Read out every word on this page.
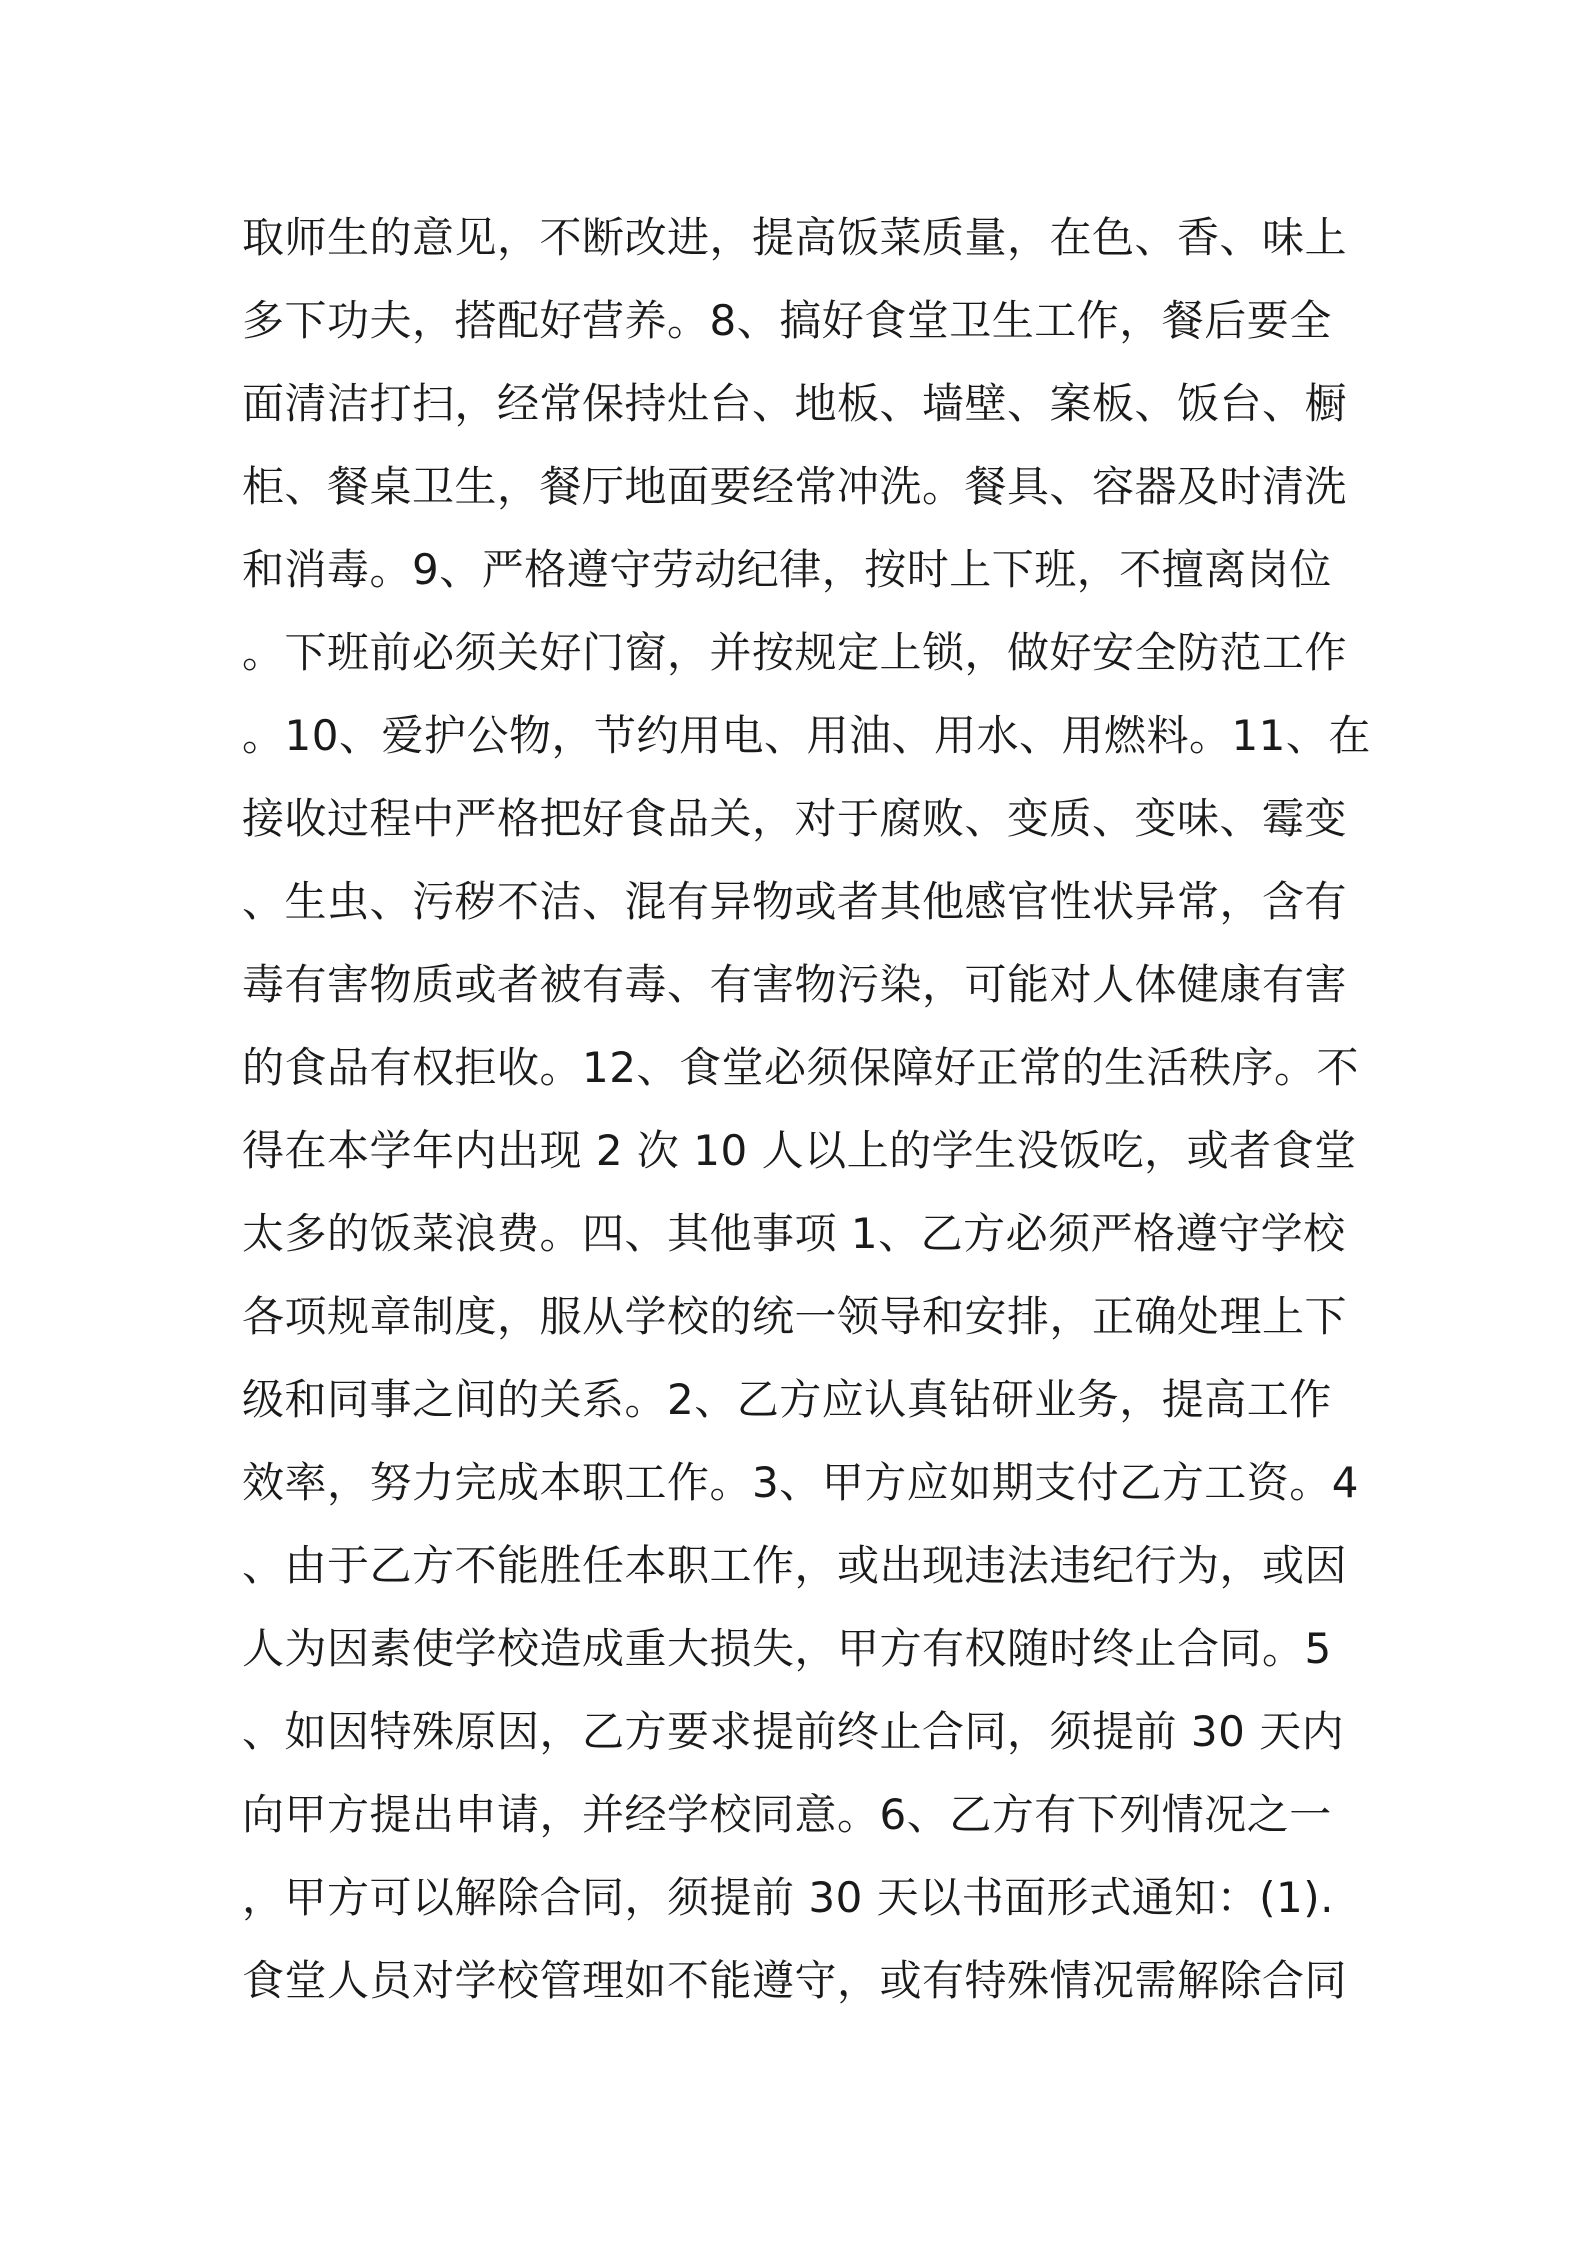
取师生的意见，不断改进，提高饭菜质量，在色、香、味上
多下功夫，搭配好营养。8、搞好食堂卫生工作，餐后要全
面清洁打扫，经常保持灶台、地板、墙壁、案板、饭台、橱
柜、餐桌卫生，餐厅地面要经常冲洗。餐具、容器及时清洗
和消毒。9、严格遵守劳动纪律，按时上下班，不擅离岗位
。下班前必须关好门窗，并按规定上锁，做好安全防范工作
。10、爱护公物，节约用电、用油、用水、用燃料。11、在
接收过程中严格把好食品关，对于腐败、变质、变味、霉变
、生虫、污秽不洁、混有异物或者其他感官性状异常，含有
毒有害物质或者被有毒、有害物污染，可能对人体健康有害
的食品有权拒收。12、食堂必须保障好正常的生活秩序。不
得在本学年内出现 2 次 10 人以上的学生没饭吃，或者食堂
太多的饭菜浪费。四、其他事项 1、乙方必须严格遵守学校
各项规章制度，服从学校的统一领导和安排，正确处理上下
级和同事之间的关系。2、乙方应认真钻研业务，提高工作
效率，努力完成本职工作。3、甲方应如期支付乙方工资。4
、由于乙方不能胜任本职工作，或出现违法违纪行为，或因
人为因素使学校造成重大损失，甲方有权随时终止合同。5
、如因特殊原因，乙方要求提前终止合同，须提前 30 天内
向甲方提出申请，并经学校同意。6、乙方有下列情况之一
，甲方可以解除合同，须提前 30 天以书面形式通知：(1).
食堂人员对学校管理如不能遵守，或有特殊情况需解除合同
